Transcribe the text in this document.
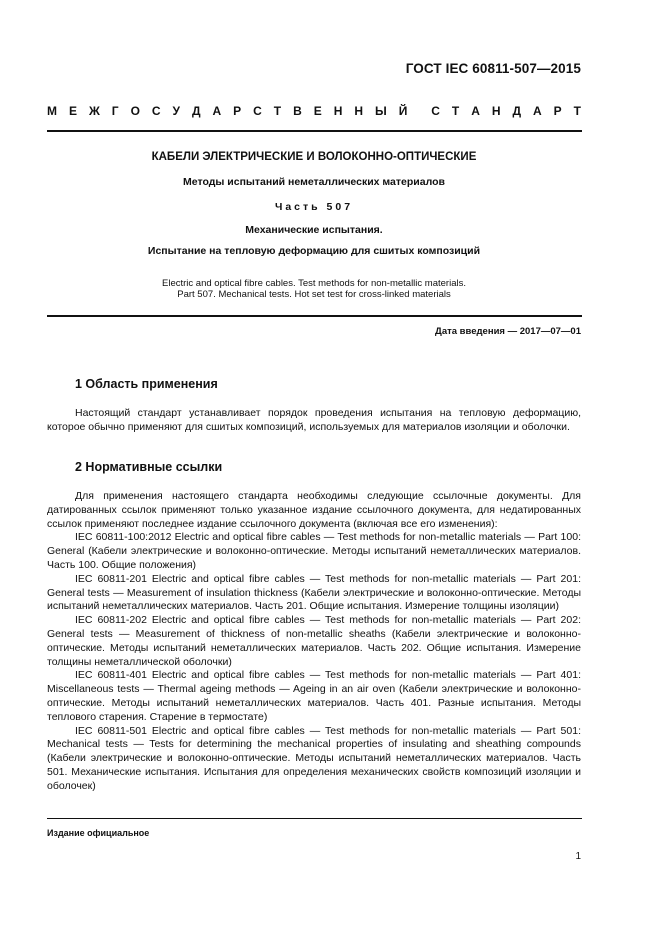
ГОСТ IEC 60811-507—2015
М Е Ж Г О С У Д А Р С Т В Е Н Н Ы Й С Т А Н Д А Р Т
КАБЕЛИ ЭЛЕКТРИЧЕСКИЕ И ВОЛОКОННО-ОПТИЧЕСКИЕ
Методы испытаний неметаллических материалов
Часть 507
Механические испытания.
Испытание на тепловую деформацию для сшитых композиций
Electric and optical fibre cables. Test methods for non-metallic materials.
Part 507. Mechanical tests. Hot set test for cross-linked materials
Дата введения — 2017—07—01
1 Область применения
Настоящий стандарт устанавливает порядок проведения испытания на тепловую деформацию, которое обычно применяют для сшитых композиций, используемых для материалов изоляции и оболочки.
2 Нормативные ссылки

Для применения настоящего стандарта необходимы следующие ссылочные документы. Для датированных ссылок применяют только указанное издание ссылочного документа, для недатированных ссылок применяют последнее издание ссылочного документа (включая все его изменения):

IEC 60811-100:2012 Electric and optical fibre cables — Test methods for non-metallic materials — Part 100: General (Кабели электрические и волоконно-оптические. Методы испытаний неметаллических материалов. Часть 100. Общие положения)

IEC 60811-201 Electric and optical fibre cables — Test methods for non-metallic materials — Part 201: General tests — Measurement of insulation thickness (Кабели электрические и волоконно-оптические. Методы испытаний неметаллических материалов. Часть 201. Общие испытания. Измерение толщины изоляции)

IEC 60811-202 Electric and optical fibre cables — Test methods for non-metallic materials — Part 202: General tests — Measurement of thickness of non-metallic sheaths (Кабели электрические и волоконно-оптические. Методы испытаний неметаллических материалов. Часть 202. Общие испытания. Измерение толщины неметаллической оболочки)

IEC 60811-401 Electric and optical fibre cables — Test methods for non-metallic materials — Part 401: Miscellaneous tests — Thermal ageing methods — Ageing in an air oven (Кабели электрические и волоконно-оптические. Методы испытаний неметаллических материалов. Часть 401. Разные испытания. Методы теплового старения. Старение в термостате)

IEC 60811-501 Electric and optical fibre cables — Test methods for non-metallic materials — Part 501: Mechanical tests — Tests for determining the mechanical properties of insulating and sheathing compounds (Кабели электрические и волоконно-оптические. Методы испытаний неметаллических материалов. Часть 501. Механические испытания. Испытания для определения механических свойств композиций изоляции и оболочек)

Издание официальное
1
